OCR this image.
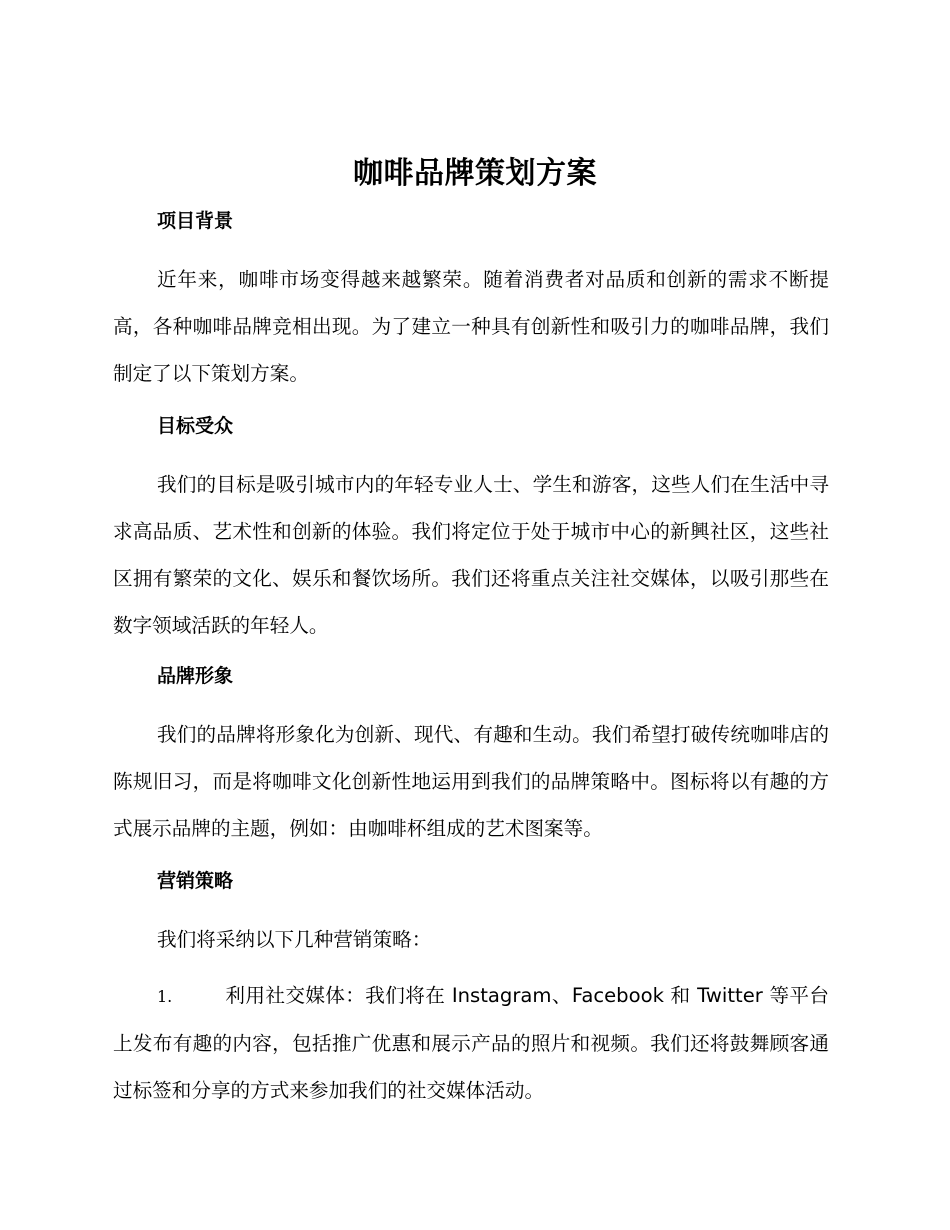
咖啡品牌策划方案
项目背景

近年来，咖啡市场变得越来越繁荣。随着消费者对品质和创新的需求不断提高，各种咖啡品牌竞相出现。为了建立一种具有创新性和吸引力的咖啡品牌，我们制定了以下策划方案。

目标受众

我们的目标是吸引城市内的年轻专业人士、学生和游客，这些人们在生活中寻求高品质、艺术性和创新的体验。我们将定位于处于城市中心的新興社区，这些社区拥有繁荣的文化、娱乐和餐饮场所。我们还将重点关注社交媒体，以吸引那些在数字领域活跃的年轻人。

品牌形象

我们的品牌将形象化为创新、现代、有趣和生动。我们希望打破传统咖啡店的陈规旧习，而是将咖啡文化创新性地运用到我们的品牌策略中。图标将以有趣的方式展示品牌的主题，例如：由咖啡杯组成的艺术图案等。

营销策略

我们将采纳以下几种营销策略：

1.	利用社交媒体：我们将在 Instagram、Facebook 和 Twitter 等平台上发布有趣的内容，包括推广优惠和展示产品的照片和视频。我们还将鼓舞顾客通过标签和分享的方式来参加我们的社交媒体活动。
